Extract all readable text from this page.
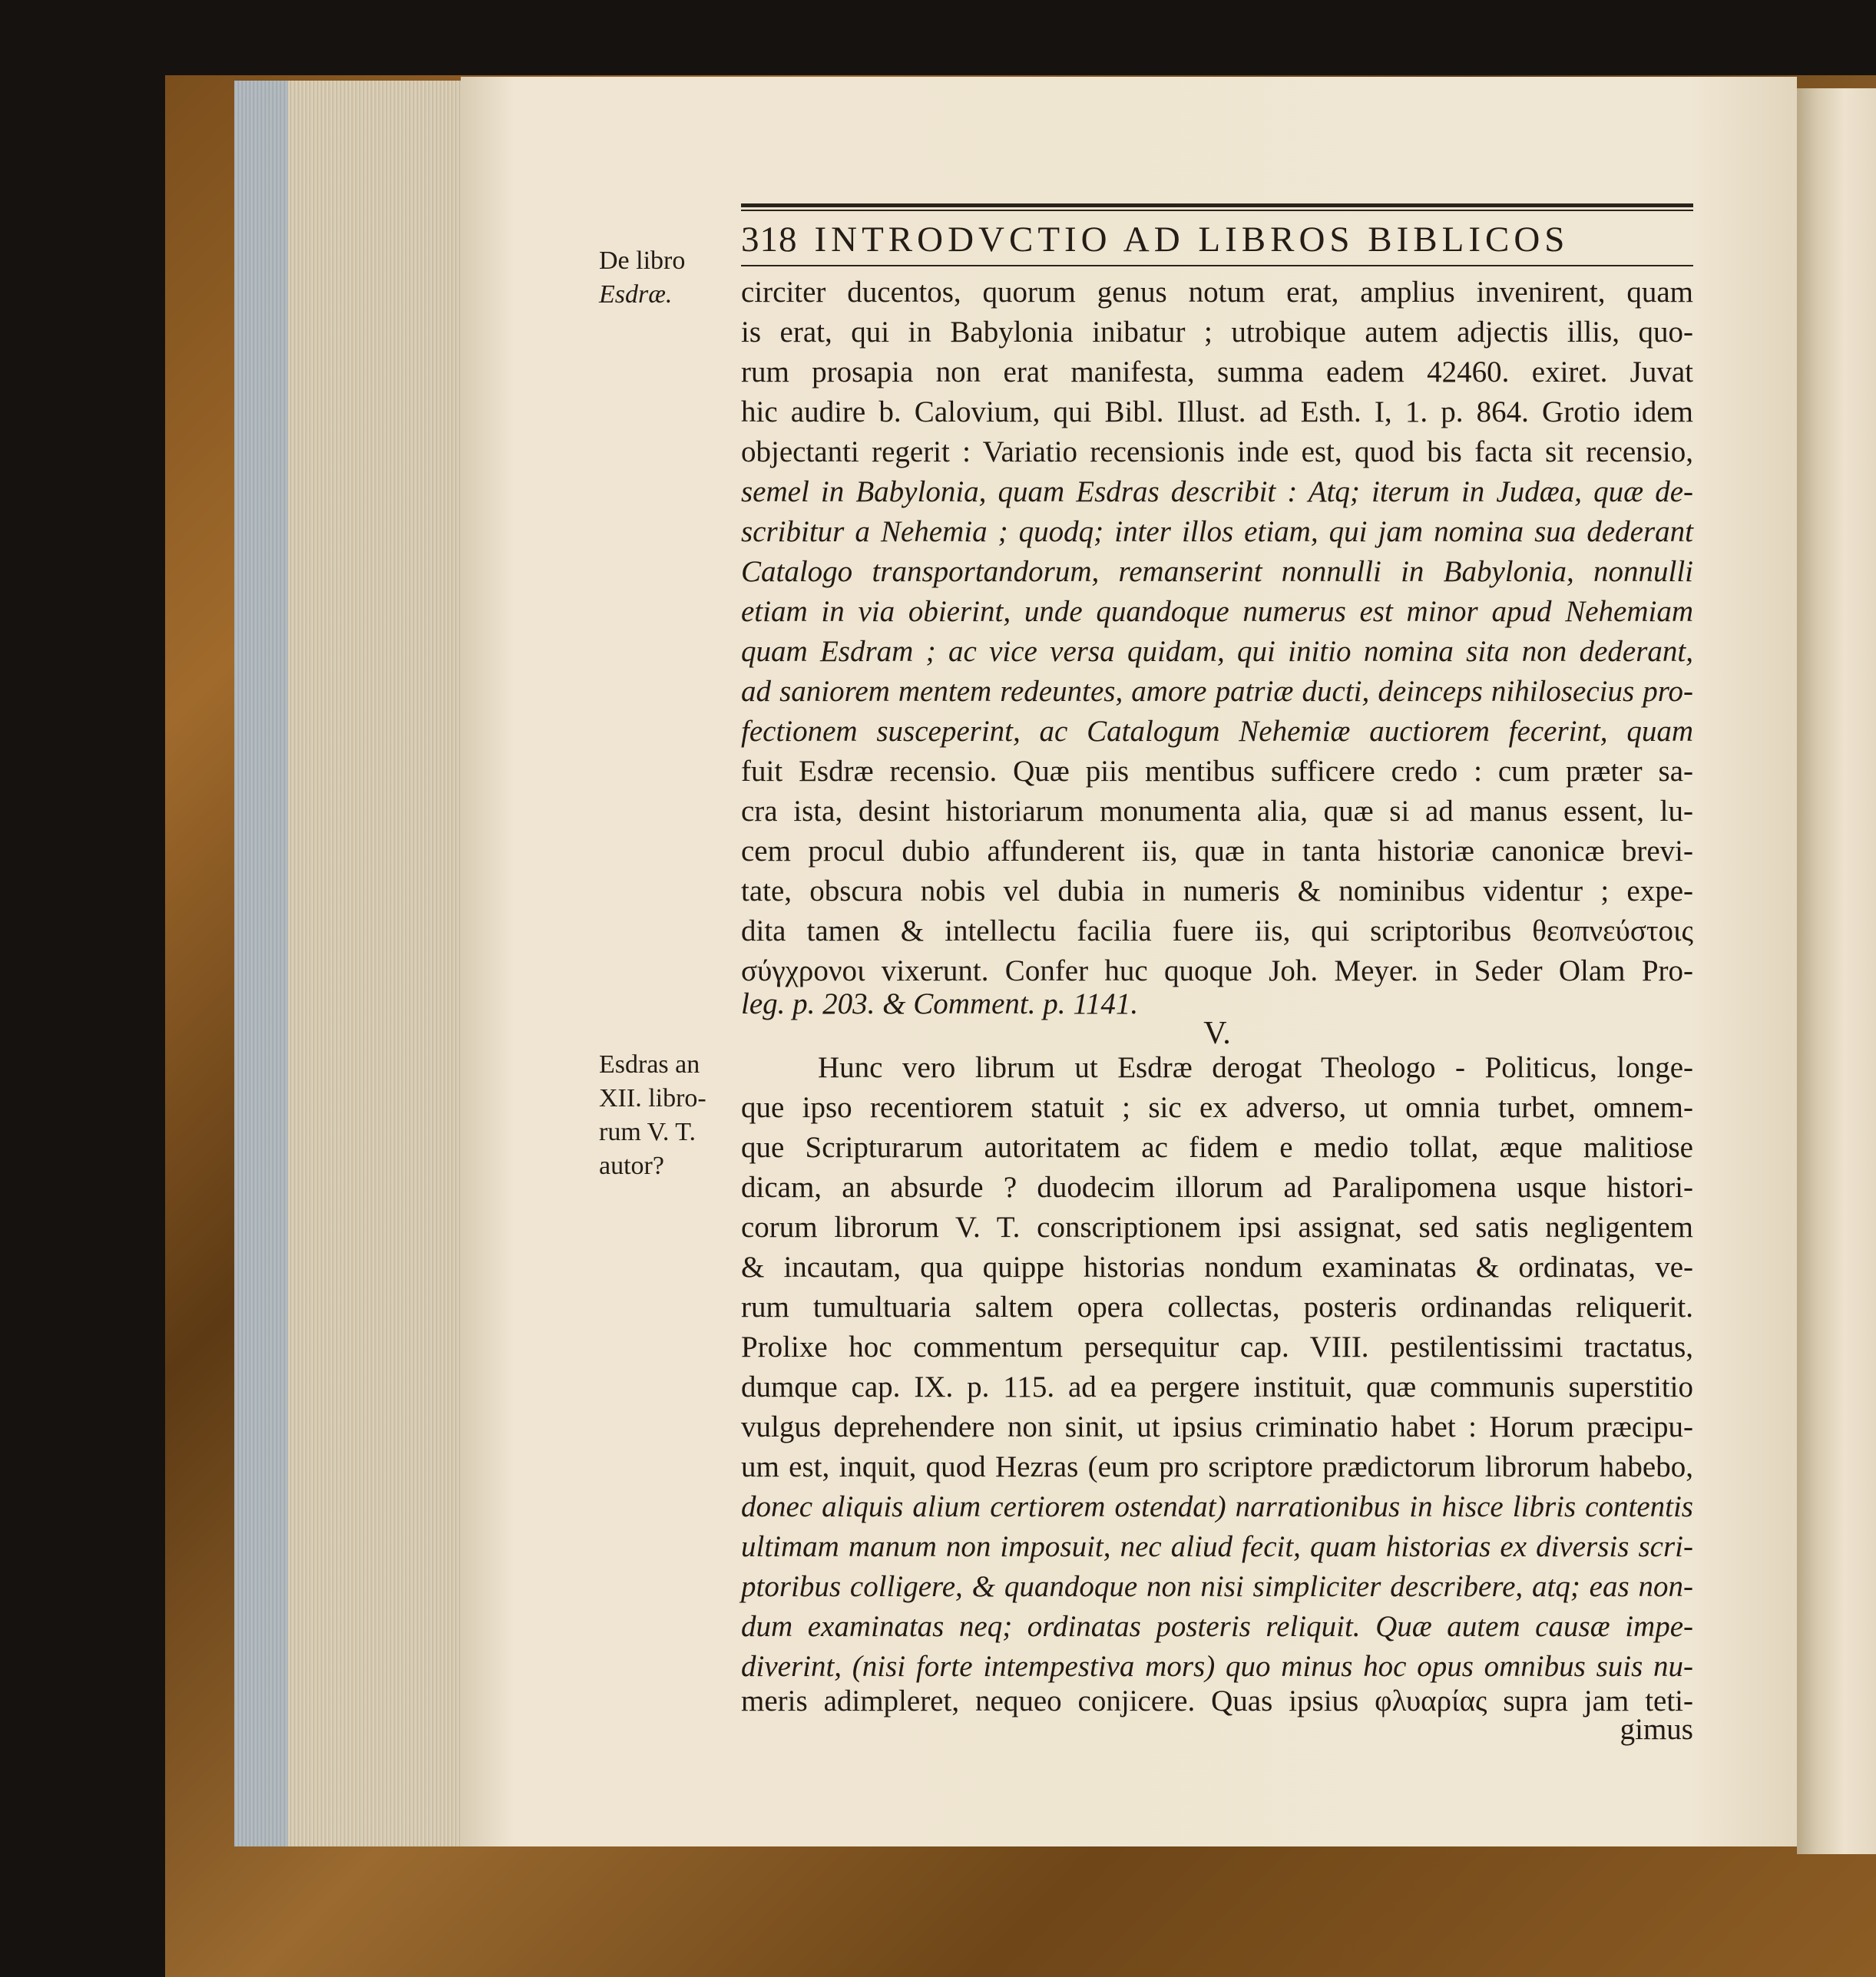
318 INTRODVCTIO AD LIBROS BIBLICOS
De libro
Esdræ.
Esdras an
XII. libro-
rum V. T.
autor?
circiter ducentos, quorum genus notum erat, amplius invenirent, quam
is erat, qui in Babylonia inibatur ; utrobique autem adjectis illis, quo-
rum prosapia non erat manifesta, summa eadem 42460. exiret. Juvat
hic audire b. Calovium, qui Bibl. Illust. ad Esth. I, 1. p. 864. Grotio idem
objectanti regerit : Variatio recensionis inde est, quod bis facta sit recensio,
semel in Babylonia, quam Esdras describit : Atq; iterum in Judæa, quæ de-
scribitur a Nehemia ; quodq; inter illos etiam, qui jam nomina sua dederant
Catalogo transportandorum, remanserint nonnulli in Babylonia, nonnulli
etiam in via obierint, unde quandoque numerus est minor apud Nehemiam
quam Esdram ; ac vice versa quidam, qui initio nomina sita non dederant,
ad saniorem mentem redeuntes, amore patriæ ducti, deinceps nihilosecius pro-
fectionem susceperint, ac Catalogum Nehemiæ auctiorem fecerint, quam
fuit Esdræ recensio. Quæ piis mentibus sufficere credo : cum præter sa-
cra ista, desint historiarum monumenta alia, quæ si ad manus essent, lu-
cem procul dubio affunderent iis, quæ in tanta historiæ canonicæ brevi-
tate, obscura nobis vel dubia in numeris & nominibus videntur ; expe-
dita tamen & intellectu facilia fuere iis, qui scriptoribus θεοπνεύστοις
σύγχρονοι vixerunt. Confer huc quoque Joh. Meyer. in Seder Olam Pro-
leg. p. 203. & Comment. p. 1141.
V.
Hunc vero librum ut Esdræ derogat Theologo - Politicus, longe-
que ipso recentiorem statuit ; sic ex adverso, ut omnia turbet, omnem-
que Scripturarum autoritatem ac fidem e medio tollat, æque malitiose
dicam, an absurde ? duodecim illorum ad Paralipomena usque histori-
corum librorum V. T. conscriptionem ipsi assignat, sed satis negligentem
& incautam, qua quippe historias nondum examinatas & ordinatas, ve-
rum tumultuaria saltem opera collectas, posteris ordinandas reliquerit.
Prolixe hoc commentum persequitur cap. VIII. pestilentissimi tractatus,
dumque cap. IX. p. 115. ad ea pergere instituit, quæ communis superstitio
vulgus deprehendere non sinit, ut ipsius criminatio habet : Horum præcipu-
um est, inquit, quod Hezras (eum pro scriptore prædictorum librorum habebo,
donec aliquis alium certiorem ostendat) narrationibus in hisce libris contentis
ultimam manum non imposuit, nec aliud fecit, quam historias ex diversis scri-
ptoribus colligere, & quandoque non nisi simpliciter describere, atq; eas non-
dum examinatas neq; ordinatas posteris reliquit. Quæ autem causæ impe-
diverint, (nisi forte intempestiva mors) quo minus hoc opus omnibus suis nu-
meris adimpleret, nequeo conjicere. Quas ipsius φλυαρίας supra jam teti-
gimus
